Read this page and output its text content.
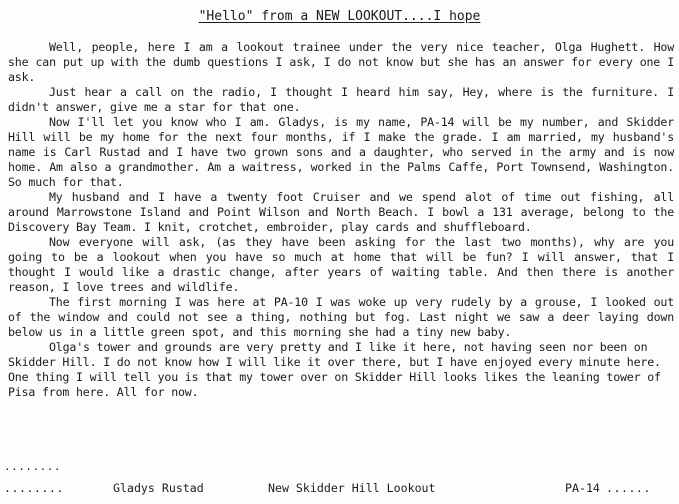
"Hello" from a NEW LOOKOUT....I hope

Well, people, here I am a lookout trainee under the very nice teacher, Olga Hughett. How she can put up with the dumb questions I ask, I do not know but she has an answer for every one I ask.

Just hear a call on the radio, I thought I heard him say, Hey, where is the furniture. I didn't answer, give me a star for that one.

Now I'll let you know who I am. Gladys, is my name, PA-14 will be my number, and Skidder Hill will be my home for the next four months, if I make the grade. I am married, my husband's name is Carl Rustad and I have two grown sons and a daughter, who served in the army and is now home. Am also a grandmother. Am a waitress, worked in the Palms Caffe, Port Townsend, Washington. So much for that.

My husband and I have a twenty foot Cruiser and we spend alot of time out fishing, all around Marrowstone Island and Point Wilson and North Beach. I bowl a 131 average, belong to the Discovery Bay Team. I knit, crotchet, embroider, play cards and shuffleboard.

Now everyone will ask, (as they have been asking for the last two months), why are you going to be a lookout when you have so much at home that will be fun? I will answer, that I thought I would like a drastic change, after years of waiting table. And then there is another reason, I love trees and wildlife.

The first morning I was here at PA-10 I was woke up very rudely by a grouse, I looked out of the window and could not see a thing, nothing but fog. Last night we saw a deer laying down below us in a little green spot, and this morning she had a tiny new baby.

Olga's tower and grounds are very pretty and I like it here, not having seen nor been on Skidder Hill. I do not know how I will like it over there, but I have enjoyed every minute here. One thing I will tell you is that my tower over on Skidder Hill looks likes the leaning tower of Pisa from here. All for now.

........
........	Gladys Rustad	New Skidder Hill Lookout	PA-14 ......
